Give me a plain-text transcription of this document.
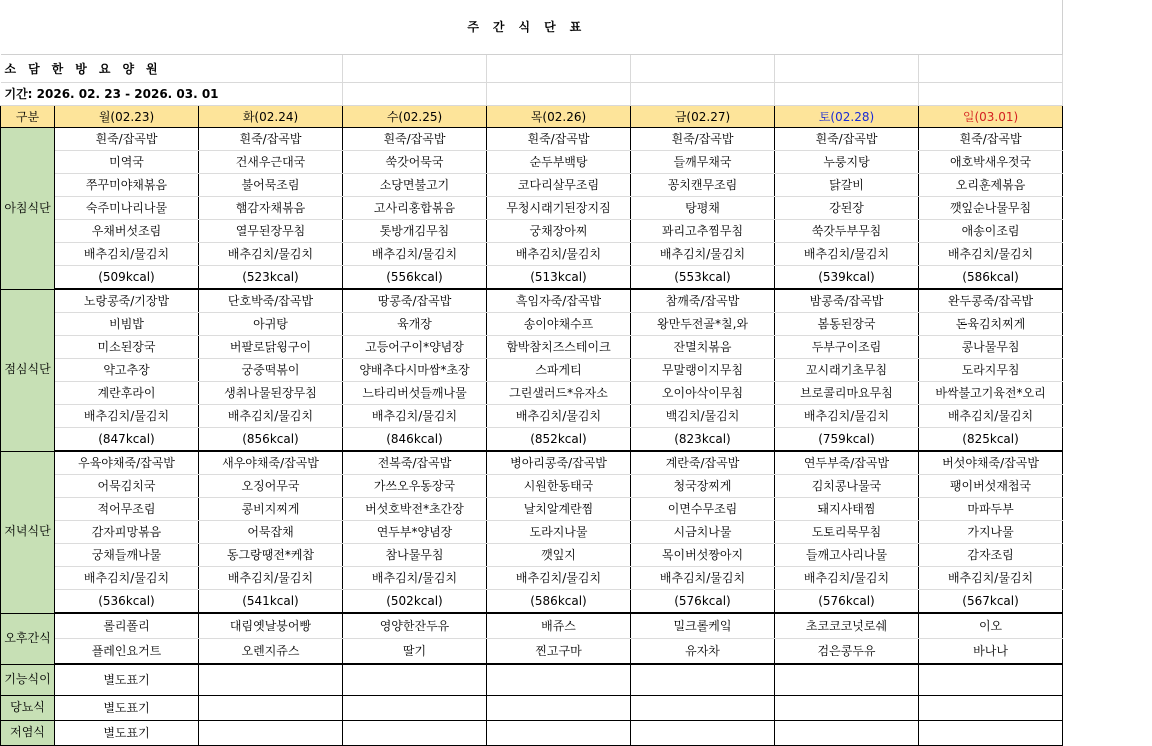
주간식단표							
소담한방요양원							
기간: 2026. 02. 23 - 2026. 03. 01							
구분	월(02.23)	화(02.24)	수(02.25)	목(02.26)	금(02.27)	토(02.28)	일(03.01)
아침식단	흰죽/잡곡밥	흰죽/잡곡밥	흰죽/잡곡밥	흰죽/잡곡밥	흰죽/잡곡밥	흰죽/잡곡밥	흰죽/잡곡밥
	미역국	건새우근대국	쑥갓어묵국	순두부백탕	들깨무채국	누룽지탕	애호박새우젓국
	쭈꾸미야채볶음	불어묵조림	소당면불고기	코다리살무조림	꽁치캔무조림	닭갈비	오리훈제볶음
	숙주미나리나물	햄감자채볶음	고사리홍합볶음	무청시래기된장지짐	탕평채	강된장	깻잎순나물무침
	우채버섯조림	열무된장무침	톳방개김무침	궁채장아찌	꽈리고추찜무침	쑥갓두부무침	애송이조림
	배추김치/물김치	배추김치/물김치	배추김치/물김치	배추김치/물김치	배추김치/물김치	배추김치/물김치	배추김치/물김치
	(509kcal)	(523kcal)	(556kcal)	(513kcal)	(553kcal)	(539kcal)	(586kcal)
점심식단	노랑콩죽/기장밥	단호박죽/잡곡밥	땅콩죽/잡곡밥	흑임자죽/잡곡밥	참깨죽/잡곡밥	밤콩죽/잡곡밥	완두콩죽/잡곡밥
	비빔밥	아귀탕	육개장	송이야채수프	왕만두전골*칠,와	봄동된장국	돈육김치찌게
	미소된장국	버팔로닭윙구이	고등어구이*양념장	함박참치즈스테이크	잔멸치볶음	두부구이조림	콩나물무침
	약고추장	궁중떡볶이	양배추다시마쌈*초장	스파게티	무말랭이지무침	꼬시래기초무침	도라지무침
	계란후라이	생취나물된장무침	느타리버섯들깨나물	그린샐러드*유자소	오이아삭이무침	브로콜리마요무침	바싹불고기육전*오리
	배추김치/물김치	배추김치/물김치	배추김치/물김치	배추김치/물김치	백김치/물김치	배추김치/물김치	배추김치/물김치
	(847kcal)	(856kcal)	(846kcal)	(852kcal)	(823kcal)	(759kcal)	(825kcal)
저녁식단	우육야채죽/잡곡밥	새우야채죽/잡곡밥	전복죽/잡곡밥	병아리콩죽/잡곡밥	계란죽/잡곡밥	연두부죽/잡곡밥	버섯야채죽/잡곡밥
	어묵김치국	오징어무국	가쓰오우동장국	시원한동태국	청국장찌게	김치콩나물국	팽이버섯재첩국
	적어무조림	콩비지찌게	버섯호박전*초간장	날치알계란찜	이면수무조림	돼지사태찜	마파두부
	감자피망볶음	어묵잡채	연두부*양념장	도라지나물	시금치나물	도토리묵무침	가지나물
	궁채들깨나물	동그랑땡전*케찹	참나물무침	깻잎지	목이버섯짱아지	들깨고사리나물	감자조림
	배추김치/물김치	배추김치/물김치	배추김치/물김치	배추김치/물김치	배추김치/물김치	배추김치/물김치	배추김치/물김치
	(536kcal)	(541kcal)	(502kcal)	(586kcal)	(576kcal)	(576kcal)	(567kcal)
오후간식	롤리폴리	대림옛날붕어빵	영양한잔두유	배쥬스	밀크롤케잌	초코코코넛로쉐	이오
	플레인요거트	오렌지쥬스	딸기	찐고구마	유자차	검은콩두유	바나나
기능식이	별도표기						
당뇨식	별도표기						
저염식	별도표기						
